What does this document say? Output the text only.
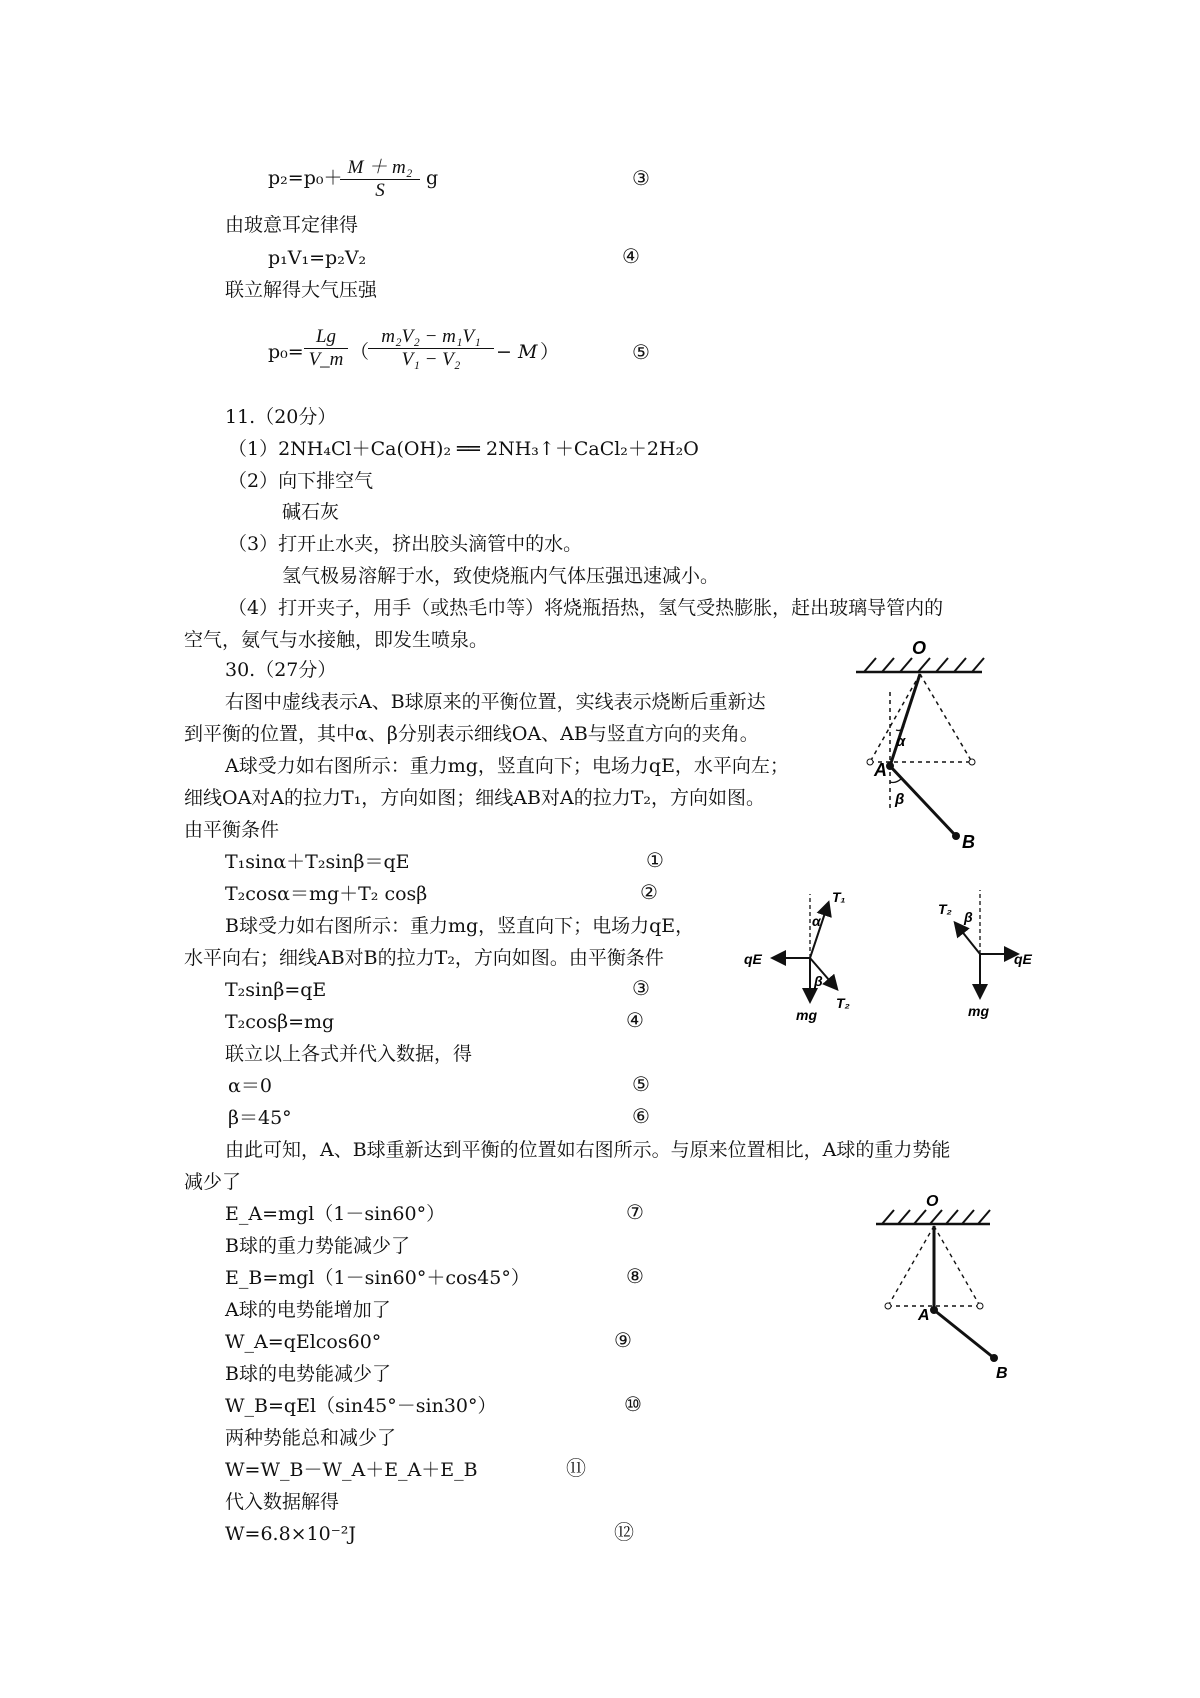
p₂=p₀＋
$\frac{\text{M ＋ m₂}}{S}$ g	③
由玻意耳定律得
p₁V₁=p₂V₂	④
联立解得大气压强
$p_0= \frac{Lg}{V\_m}$ （
$\frac{\text{m₂V₂ − m₁V₁}}{\text{V₁ − V₂}} - M$ ）	⑤
11.（20分）
（1）2NH₄Cl＋Ca(OH)₂ ══ 2NH₃↑＋CaCl₂＋2H₂O
（2）向下排空气
碱石灰
（3）打开止水夹，挤出胶头滴管中的水。
氢气极易溶解于水，致使烧瓶内气体压强迅速减小。
（4）打开夹子，用手（或热毛巾等）将烧瓶捂热，氢气受热膨胀，赶出玻璃导管内的
空气，氨气与水接触，即发生喷泉。
30.（27分）
右图中虚线表示A、B球原来的平衡位置，实线表示烧断后重新达
到平衡的位置，其中α、β分别表示细线OA、AB与竖直方向的夹角。
A球受力如右图所示：重力mg，竖直向下；电场力qE，水平向左；
细线OA对A的拉力T₁，方向如图；细线AB对A的拉力T₂，方向如图。
由平衡条件
T₁sinα＋T₂sinβ＝qE	①
T₂cosα＝mg＋T₂ cosβ	②
B球受力如右图所示：重力mg，竖直向下；电场力qE，
水平向右；细线AB对B的拉力T₂，方向如图。由平衡条件
T₂sinβ=qE	③
T₂cosβ=mg	④
联立以上各式并代入数据，得
α＝0	⑤
β＝45°	⑥
由此可知，A、B球重新达到平衡的位置如右图所示。与原来位置相比，A球的重力势能
减少了
E_A=mgl（1－sin60°）	⑦
B球的重力势能减少了
E_B=mgl（1－sin60°＋cos45°）	⑧
A球的电势能增加了
W_A=qElcos60°	⑨
B球的电势能减少了
W_B=qEl（sin45°－sin30°）	⑩
两种势能总和减少了
W=W_B－W_A＋E_A＋E_B	⑪
代入数据解得
W=6.8×10⁻²J	⑫
O
α
A
β
B
T₁
α
qE
β
T₂
mg
T₂ β
qE
mg
O
A
B
